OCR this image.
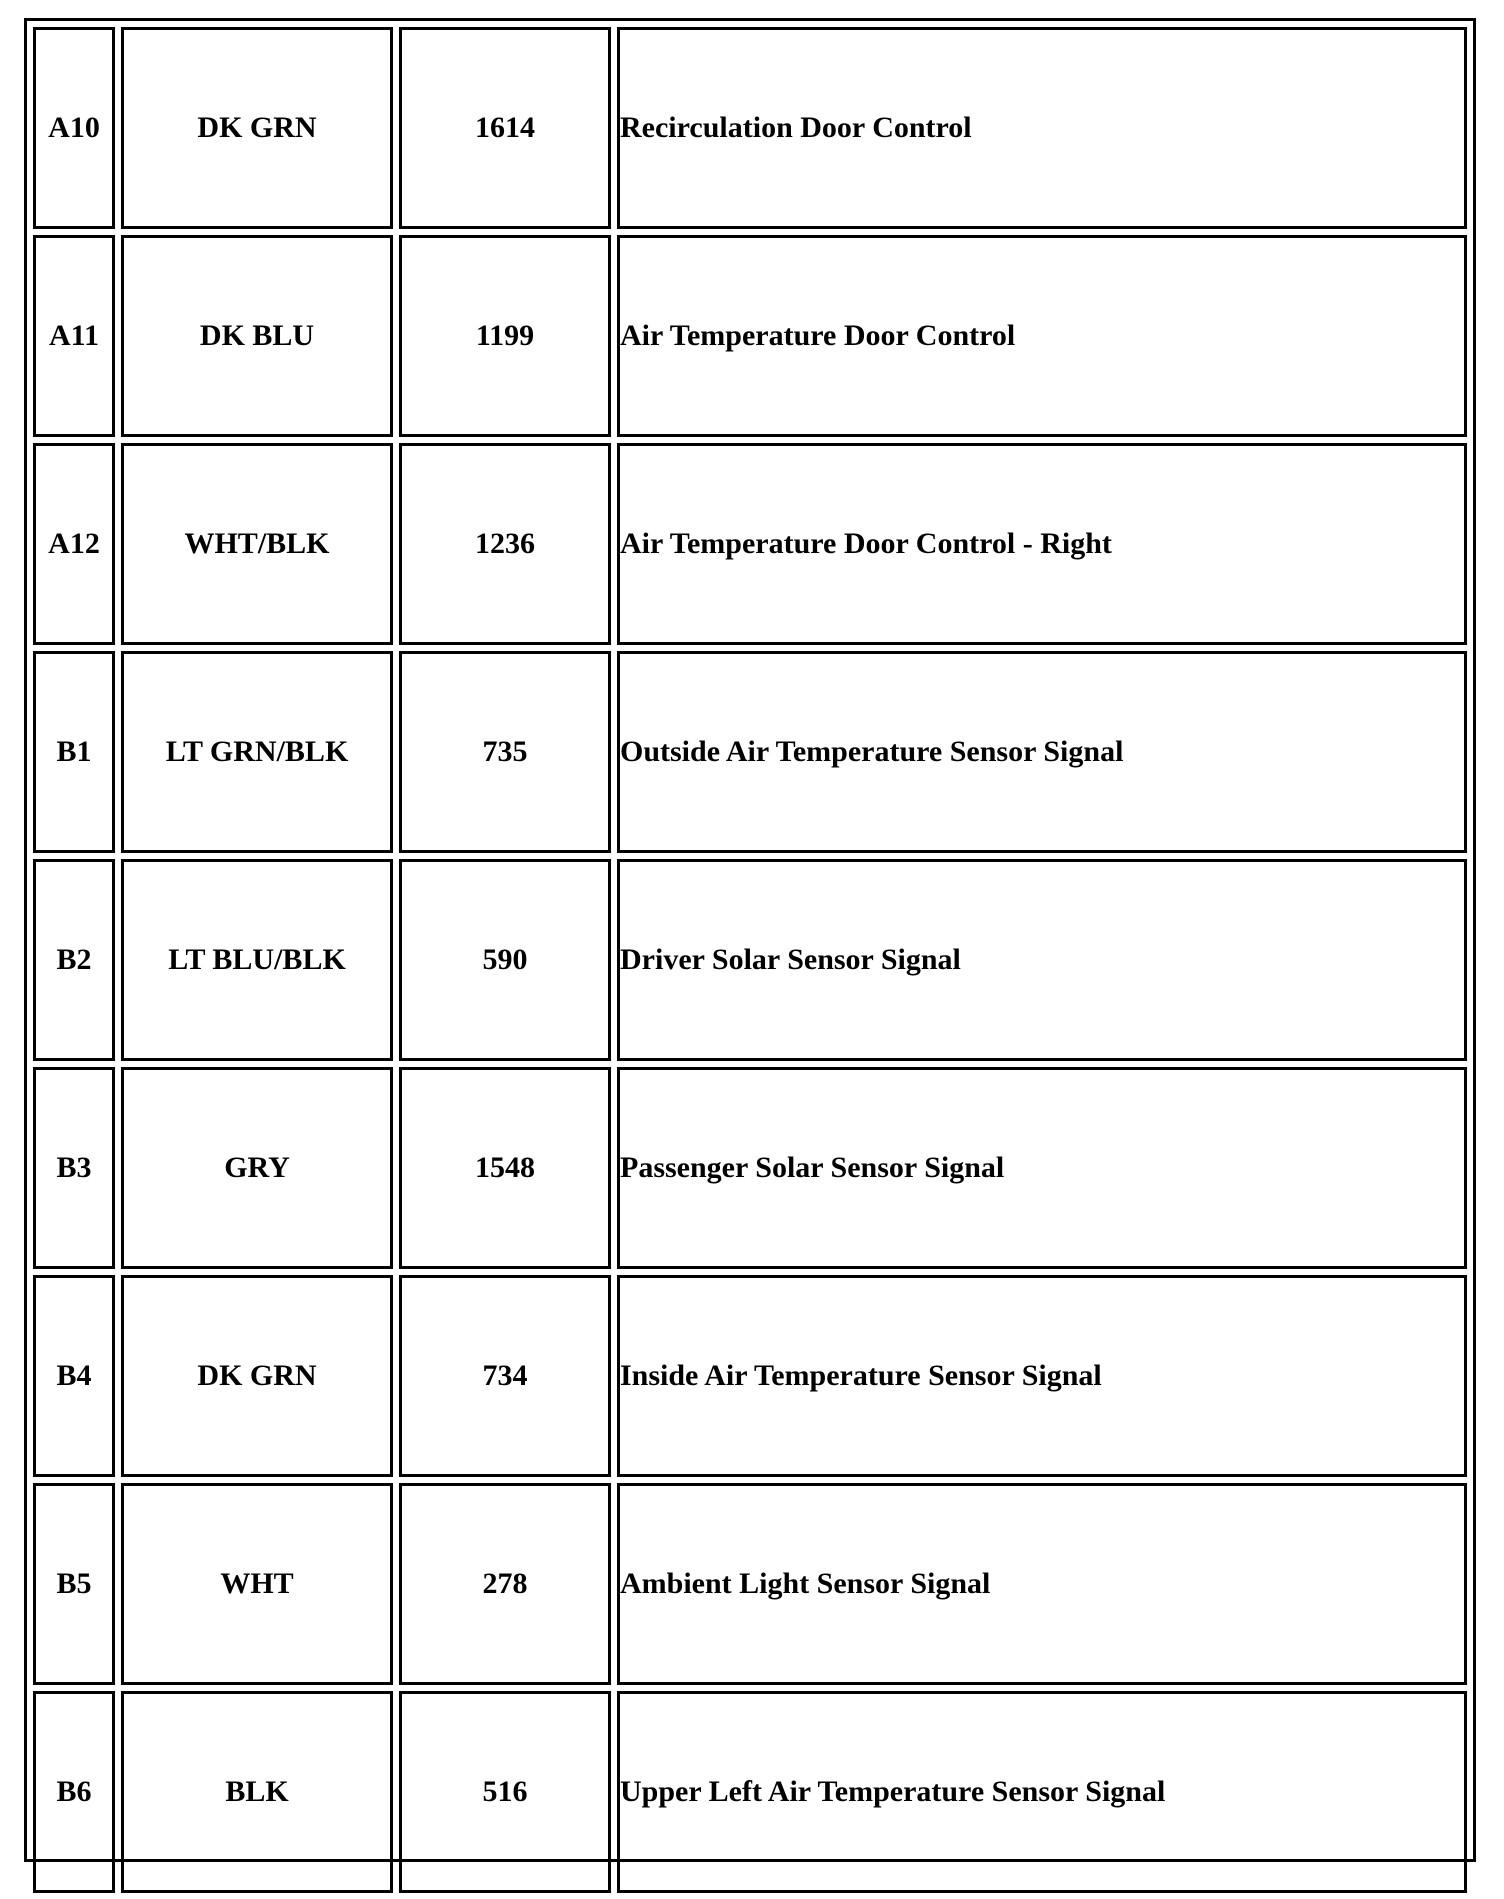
A10	DK GRN	1614	Recirculation Door Control
A11	DK BLU	1199	Air Temperature Door Control
A12	WHT/BLK	1236	Air Temperature Door Control - Right
B1	LT GRN/BLK	735	Outside Air Temperature Sensor Signal
B2	LT BLU/BLK	590	Driver Solar Sensor Signal
B3	GRY	1548	Passenger Solar Sensor Signal
B4	DK GRN	734	Inside Air Temperature Sensor Signal
B5	WHT	278	Ambient Light Sensor Signal
B6	BLK	516	Upper Left Air Temperature Sensor Signal
